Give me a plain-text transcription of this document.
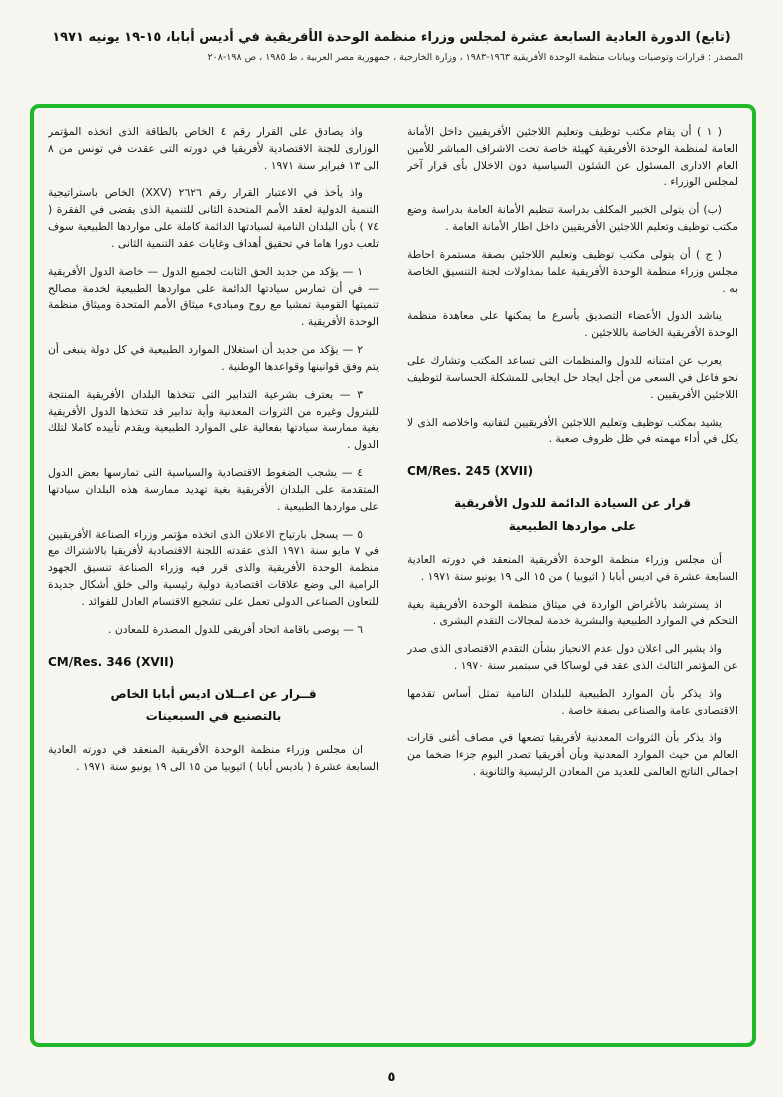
(تابع) الدورة العادية السابعة عشرة لمجلس وزراء منظمة الوحدة الأفريقية في أديس أبابا، ١٥-١٩ يونيه ١٩٧١
المصدر : قرارات وتوصيات وبيانات منظمة الوحدة الأفريقية ١٩٦٣-١٩٨٣ ، وزارة الخارجية ، جمهورية مصر العربية ، ط ١٩٨٥ ، ص ١٩٨-٢٠٨

( ١ ) أن يقام مكتب توظيف وتعليم اللاجئين الأفريقيين داخل الأمانة العامة لمنظمة الوحدة الأفريقية كهيئة خاصة تحت الاشراف المباشر للأمين العام الادارى المسئول عن الشئون السياسية دون الاخلال بأى قرار آخر لمجلس الوزراء .

(ب) أن يتولى الخبير المكلف بدراسة تنظيم الأمانة العامة بدراسة وضع مكتب توظيف وتعليم اللاجئين الأفريقيين داخل اطار الأمانة العامة .

( ج ) أن يتولى مكتب توظيف وتعليم اللاجئين بصفة مستمرة احاطة مجلس وزراء منظمة الوحدة الأفريقية علما بمداولات لجنة التنسيق الخاصة به .

يناشد الدول الأعضاء التصديق بأسرع ما يمكنها على معاهدة منظمة الوحدة الأفريقية الخاصة باللاجئين .

يعرب عن امتنانه للدول والمنظمات التى تساعد المكتب وتشارك على نحو فاعل في السعى من أجل ايجاد حل ايجابى للمشكلة الحساسة لتوظيف اللاجئين الأفريقيين .

يشيد بمكتب توظيف وتعليم اللاجئين الأفريقيين لتفانيه واخلاصه الذى لا يكل في أداء مهمته في ظل ظروف صعبة .

CM/Res. 245 (XVII)
قرار عن السيادة الدائمة للدول الأفريقية
على مواردها الطبيعية

أن مجلس وزراء منظمة الوحدة الأفريقية المنعقد في دورته العادية السابعة عشرة في اديس أبابا ( اثيوبيا ) من ١٥ الى ١٩ يونيو سنة ١٩٧١ .

اذ يسترشد بالأغراض الواردة في ميثاق منظمة الوحدة الأفريقية بغية التحكم في الموارد الطبيعية والبشرية خدمة لمجالات التقدم البشرى .

واذ يشير الى اعلان دول عدم الانحياز بشأن التقدم الاقتصادى الذى صدر عن المؤتمر الثالث الذى عقد في لوساكا في سبتمبر سنة ١٩٧٠ .

واذ يذكر بأن الموارد الطبيعية للبلدان النامية تمثل أساس تقدمها الاقتصادى عامة والصناعى بصفة خاصة .

واذ يذكر بأن الثروات المعدنية لأفريقيا تضعها في مصاف أغنى قارات العالم من حيث الموارد المعدنية وبأن أفريقيا تصدر اليوم جزءا ضخما من اجمالى الناتج العالمى للعديد من المعادن الرئيسية والثانوية .

واذ يصادق على القرار رقم ٤ الخاص بالطاقة الذى اتخذه المؤتمر الوزارى للجنة الاقتصادية لأفريقيا في دورته التى عقدت في تونس من ٨ الى ١٣ فبراير سنة ١٩٧١ .

واذ يأخذ في الاعتبار القرار رقم ٢٦٢٦ (XXV) الخاص باستراتيجية التنمية الدولية لعقد الأمم المتحدة الثانى للتنمية الذى يقضى في الفقرة ( ٧٤ ) بأن البلدان النامية لسيادتها الدائمة كاملة على مواردها الطبيعية سوف تلعب دورا هاما في تحقيق أهداف وغايات عقد التنمية الثانى .

١ — يؤكد من جديد الحق الثابت لجميع الدول — خاصة الدول الأفريقية — في أن تمارس سيادتها الدائمة على مواردها الطبيعية لخدمة مصالح تنميتها القومية تمشيا مع روح ومبادىء ميثاق الأمم المتحدة وميثاق منظمة الوحدة الأفريقية .

٢ — يؤكد من جديد أن استغلال الموارد الطبيعية في كل دولة ينبغى أن يتم وفق قوانينها وقواعدها الوطنية .

٣ — يعترف بشرعية التدابير التى تتخذها البلدان الأفريقية المنتجة للبترول وغيره من الثروات المعدنية وأية تدابير قد تتخذها الدول الأفريقية بغية ممارسة سيادتها بفعالية على الموارد الطبيعية ويقدم تأييده كاملا لتلك الدول .

٤ — يشجب الضغوط الاقتصادية والسياسية التى تمارسها بعض الدول المتقدمة على البلدان الأفريقية بغية تهديد ممارسة هذه البلدان سيادتها على مواردها الطبيعية .

٥ — يسجل بارتياح الاعلان الذى اتخذه مؤتمر وزراء الصناعة الأفريقيين في ٧ مايو سنة ١٩٧١ الذى عقدته اللجنة الاقتصادية لأفريقيا بالاشتراك مع منظمة الوحدة الأفريقية والذى قرر فيه وزراء الصناعة تنسيق الجهود الرامية الى وضع علاقات اقتصادية دولية رئيسية والى خلق أشكال جديدة للتعاون الصناعى الدولى تعمل على تشجيع الاقتسام العادل للفوائد .

٦ — يوصى باقامة اتحاد أفريقى للدول المصدرة للمعادن .

CM/Res. 346 (XVII)
قــرار عن اعــلان اديس أبابا الخاص
بالتصنيع في السبعينات

ان مجلس وزراء منظمة الوحدة الأفريقية المنعقد في دورته العادية السابعة عشرة ( باديس أبابا ) اثيوبيا من ١٥ الى ١٩ يونيو سنة ١٩٧١ .

٥
